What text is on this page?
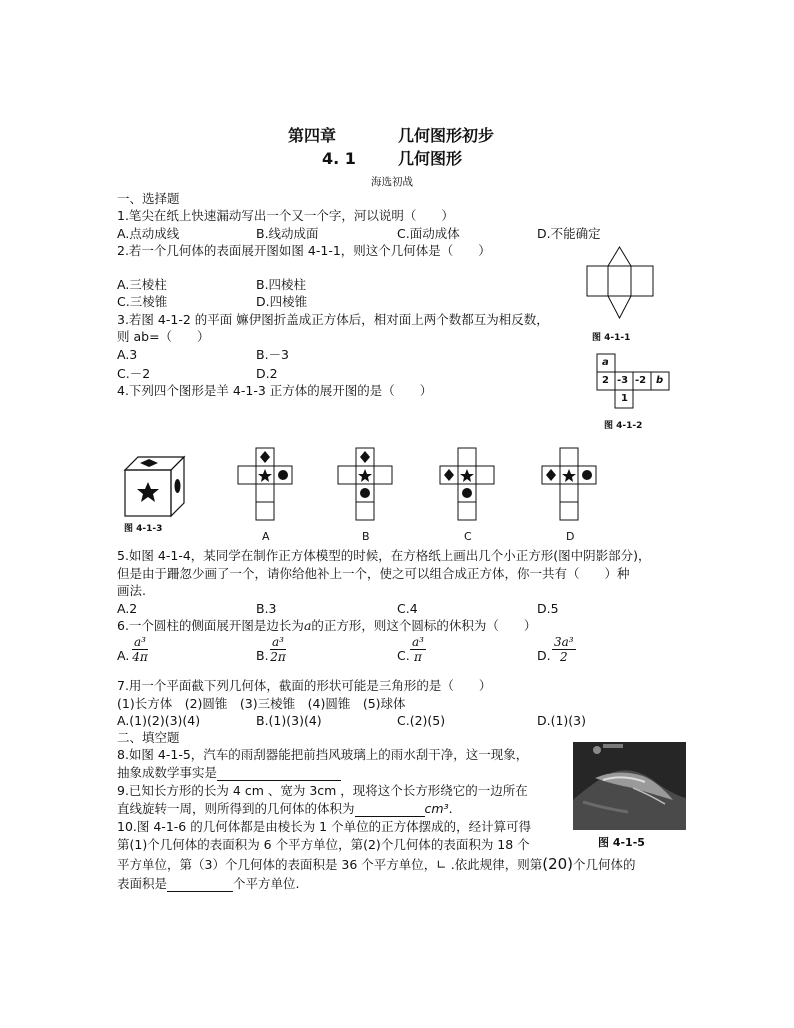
第四章	几何图形初步
4. 1	几何图形
海选初战
一、选择题
1.笔尖在纸上快速漏动写出一个又一个字，河以说明（　　）
A.点动成线	B.线动成面	C.面动成体	D.不能确定
2.若一个几何体的表面展开图如图 4-1-1，则这个几何体是（　　）
A.三棱柱	B.四棱柱
C.三棱锥	D.四棱锥
3.若图 4-1-2 的平面 嫲伊图折盖成正方体后，相对面上两个数都互为相反数，
则 ab=（　　）
A.3	B.－3
C.－2	D.2
4.下列四个图形是羊 4-1-3 正方体的展开图的是（　　）
图 4-1-1
a
2 -3 -2 b
1
图 4-1-2
图 4-1-3
A	B	C	D
5.如图 4-1-4，某同学在制作正方体模型的时候，在方格纸上画出几个小正方形(图中阴影部分)，
但是由于跚忽少画了一个，请你给他补上一个，使之可以组合成正方体，你一共有（　　）种
画法.
A.2	B.3	C.4	D.5
6.一个圆柱的侧面展开图是边长为a的正方形，则这个圆标的休积为（　　）
A. $\frac{\text{a³}}{4\pi}$	B. $\frac{\text{a³}}{2\pi}$	C. $\frac{\text{a³}}{\pi}$	D. $\frac{\text{3a³}}{2}$
7.用一个平面截下列几何体，截面的形状可能是三角形的是（　　）
(1)长方体　(2)圆锥　(3)三棱锥　(4)圆锥　(5)球体
A.(1)(2)(3)(4)	B.(1)(3)(4)	C.(2)(5)	D.(1)(3)
二、填空题
8.如图 4-1-5，汽车的雨刮器能把前挡风玻璃上的雨水刮干净，这一现象，
抽象成数学事实是
9.已知长方形的长为 4 cm 、宽为 3cm ，现将这个长方形绕它的一边所在
直线旋转一周，则所得到的几何体的体积为	cm³.
图 4-1-5
10.图 4-1-6 的几何体都是由棱长为 1 个单位的正方体摆成的，经计算可得
第(1)个几何体的表面积为 6 个平方单位，第(2)个几何体的表面积为 18 个
平方单位，第（3）个几何体的表面积是 36 个平方单位，∟ .依此规律，则第(20)个几何体的
表面积是	个平方单位.
